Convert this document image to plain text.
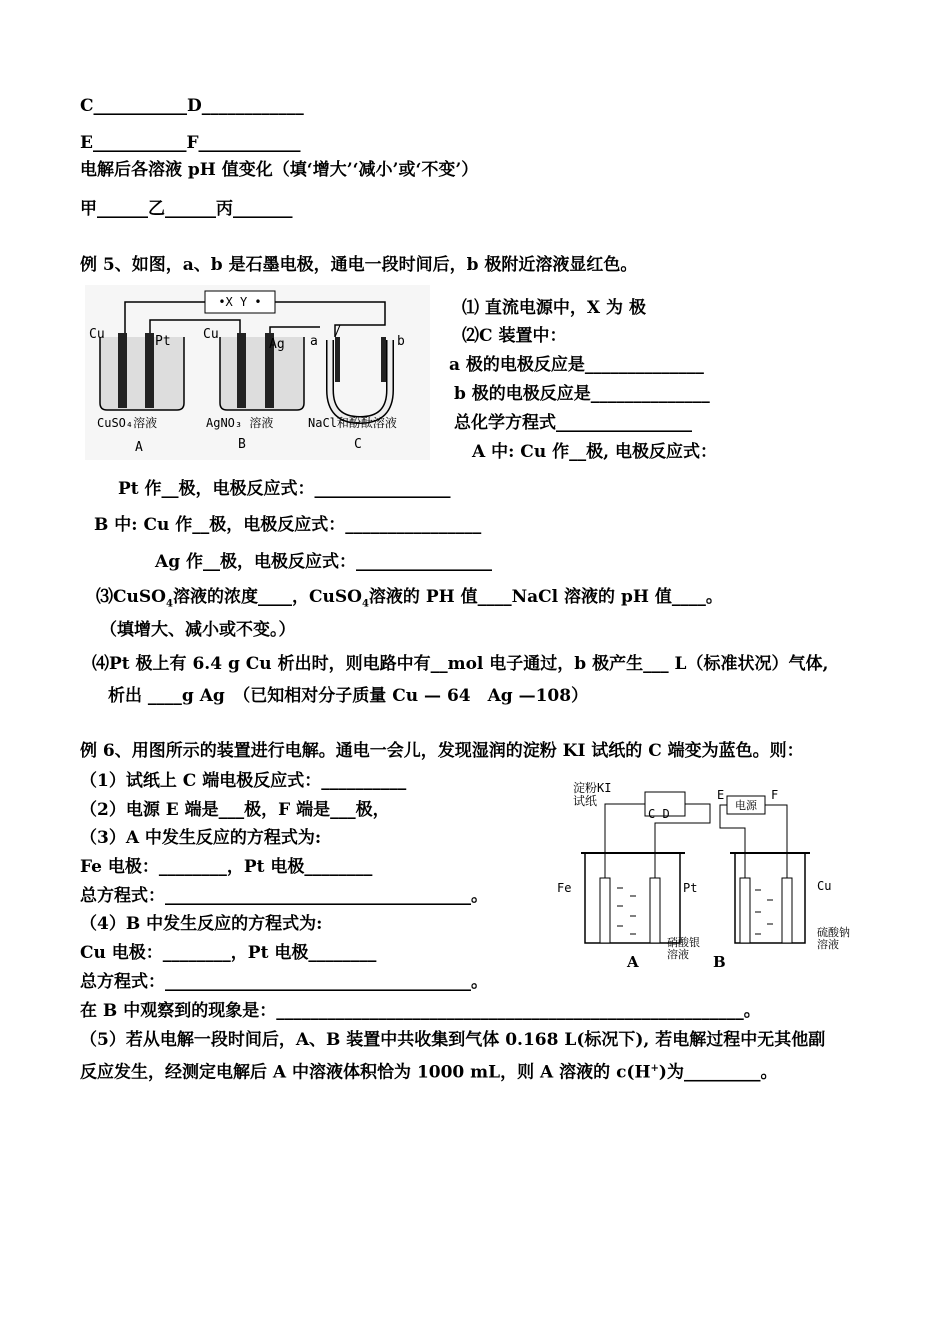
C___________D____________
E___________F____________
电解后各溶液 pH 值变化（填‘增大’‘减小’或‘不变’）
甲______乙______丙_______
例 5、如图，a、b 是石墨电极，通电一段时间后，b 极附近溶液显红色。
•X Y •
Cu	Pt Cu
Ag a	b
CuSO₄溶液	AgNO₃ 溶液	NaCl和酚酞溶液
A	B	C
⑴ 直流电源中，X 为 极
⑵C 装置中：
a 极的电极反应是______________
b 极的电极反应是______________
总化学方程式________________
A 中: Cu 作__极, 电极反应式：
Pt 作__极，电极反应式：________________
B 中: Cu 作__极，电极反应式：________________
Ag 作__极，电极反应式：________________
⑶CuSO$_4$溶液的浓度____，CuSO$_4$溶液的 PH 值____NaCl 溶液的 pH 值____。
（填增大、减小或不变。）
⑷Pt 极上有 6.4 g Cu 析出时，则电路中有__mol 电子通过，b 极产生___ L（标准状况）气体,
析出 ____g Ag　（已知相对分子质量 Cu — 64　Ag —108）
例 6、用图所示的装置进行电解。通电一会儿，发现湿润的淀粉 KI 试纸的 C 端变为蓝色。则：
（1）试纸上 C 端电极反应式：__________
（2）电源 E 端是___极，F 端是___极，
（3）A 中发生反应的方程式为:
Fe 电极：________，Pt 电极________
总方程式：____________________________________。
（4）B 中发生反应的方程式为:
Cu 电极：________，Pt 电极________
总方程式：____________________________________。
在 B 中观察到的现象是：_______________________________________________________。
（5）若从电解一段时间后，A、B 装置中共收集到气体 0.168 L(标况下), 若电解过程中无其他副
反应发生，经测定电解后 A 中溶液体积恰为 1000 mL，则 A 溶液的 c(H+)为_________。
淀粉KI
试纸
C D
E
电源
F
Fe	Pt	Cu
硝酸银
溶液
硫酸钠
溶液
A	B
